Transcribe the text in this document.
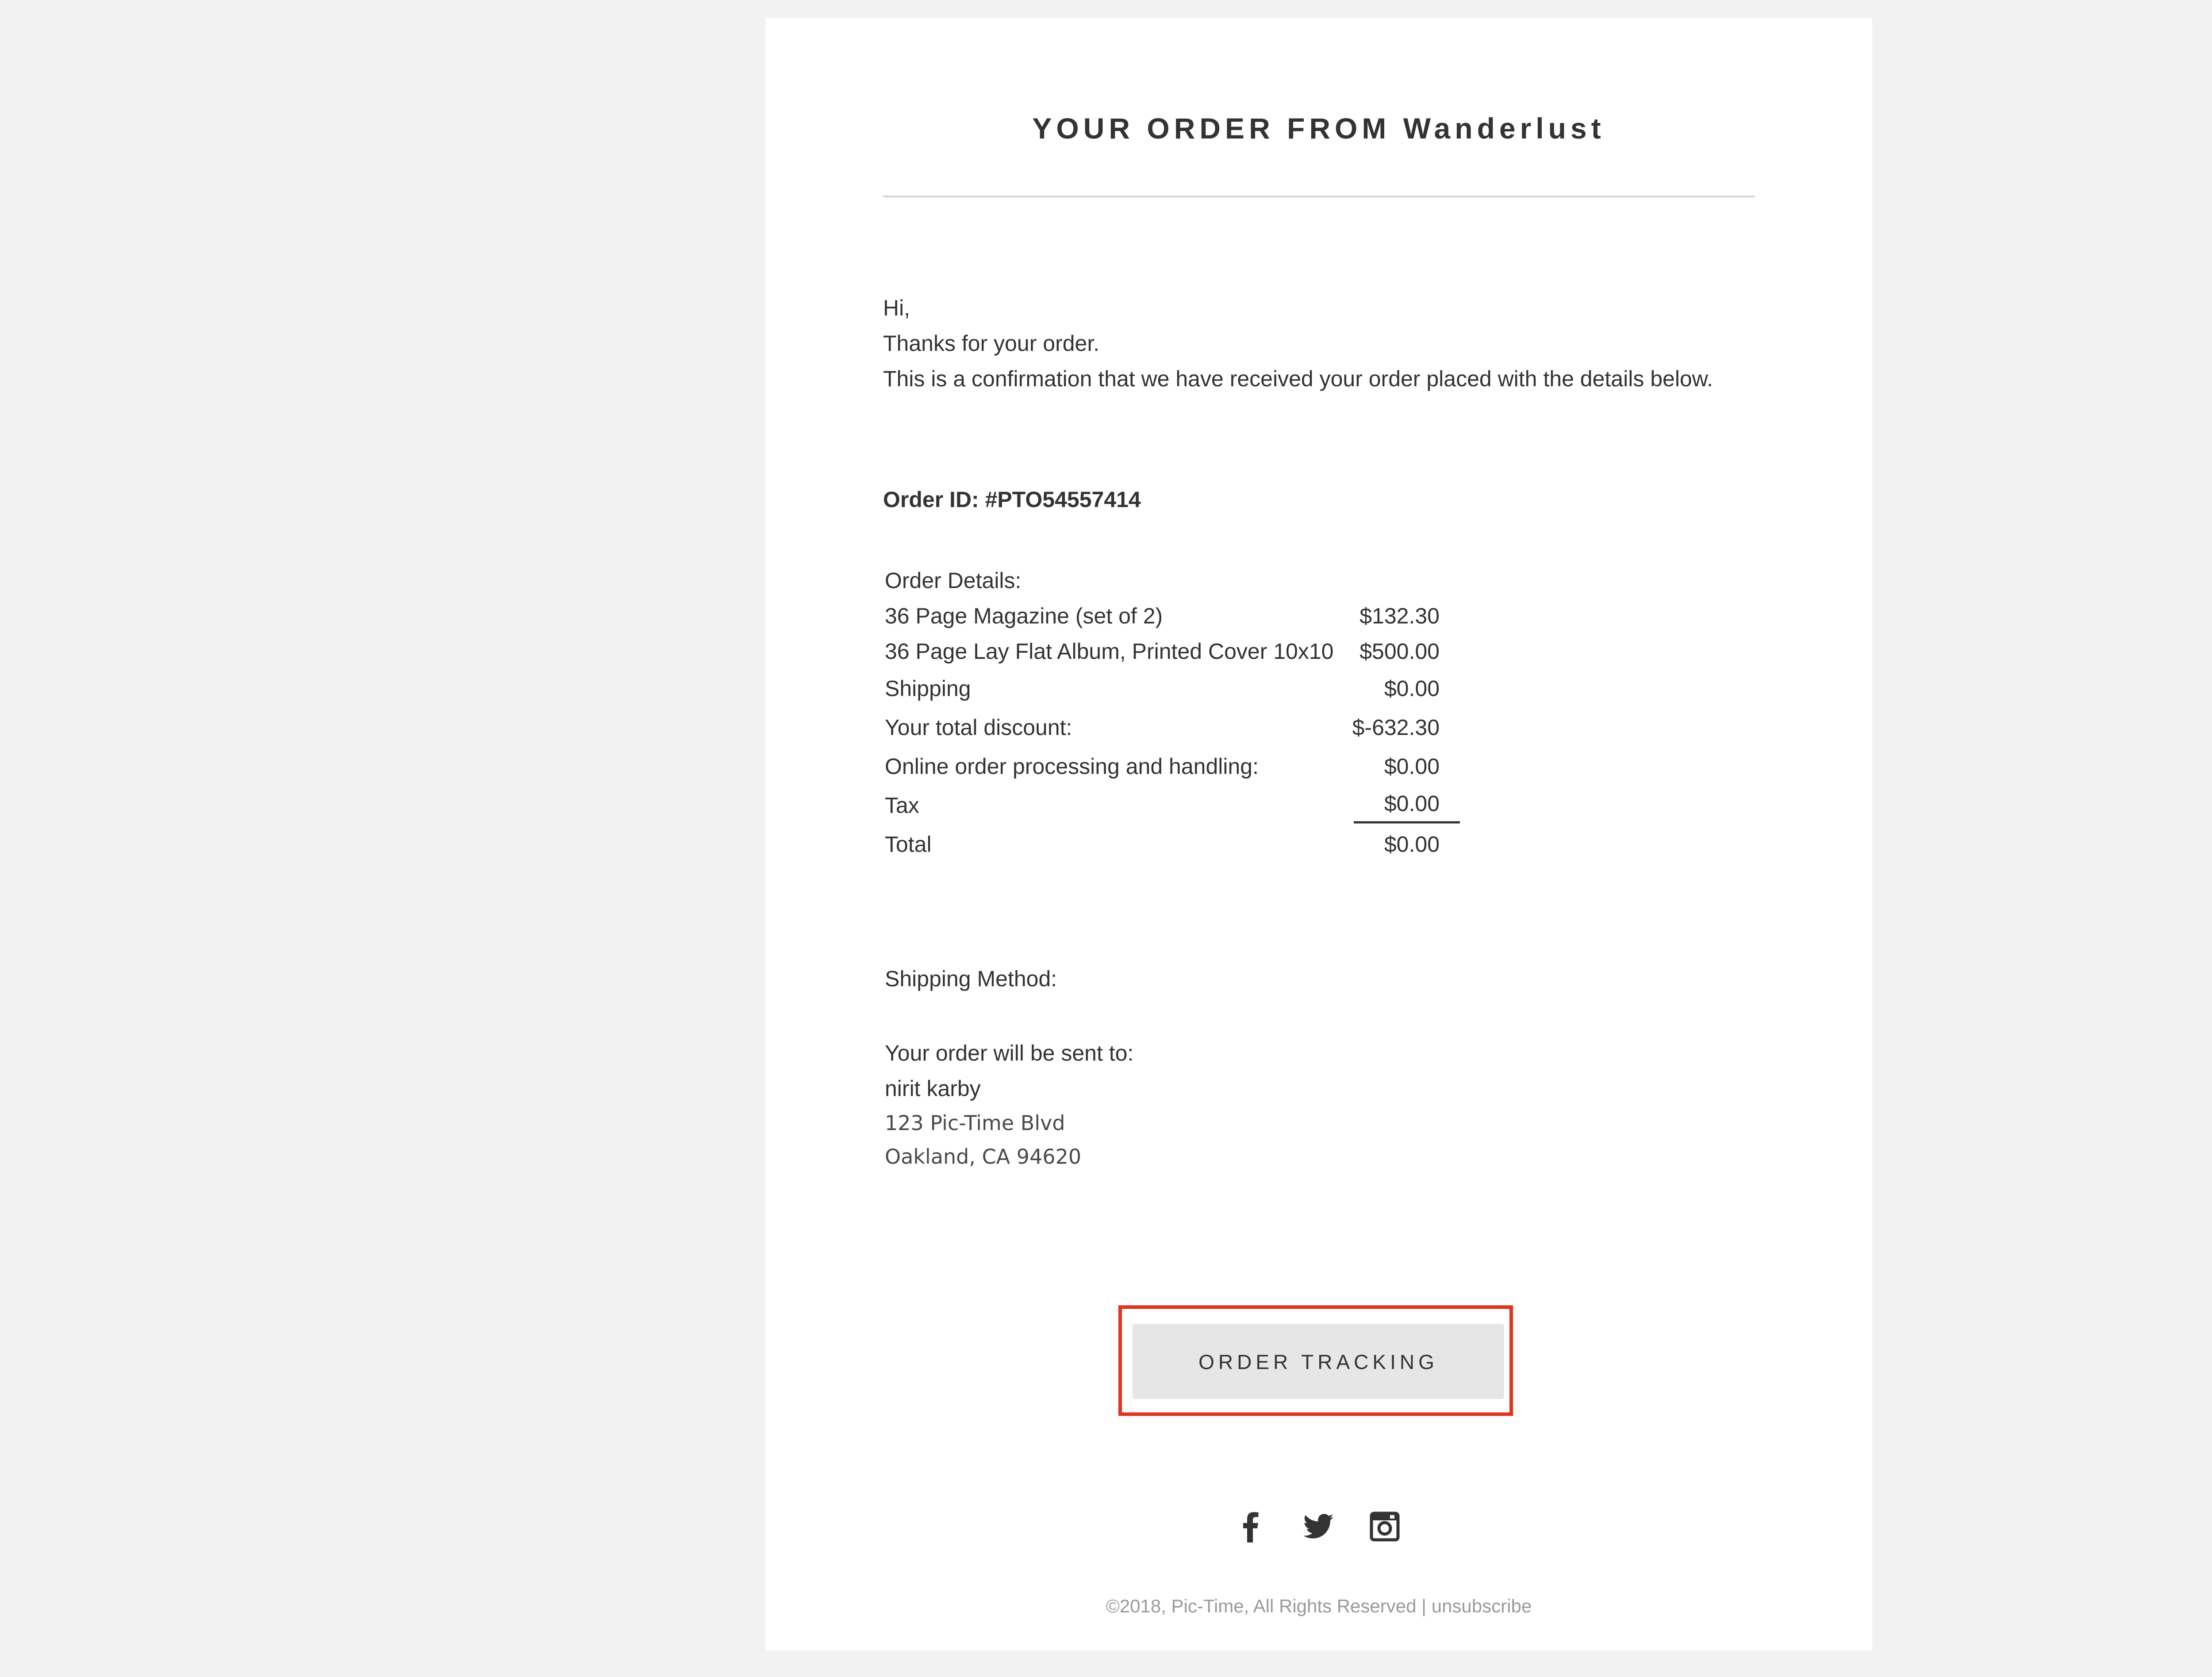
YOUR ORDER FROM Wanderlust
Hi,
Thanks for your order.
This is a confirmation that we have received your order placed with the details below.
Order ID: #PTO54557414
Order Details:
36 Page Magazine (set of 2)	$132.30
36 Page Lay Flat Album, Printed Cover 10x10 $500.00
Shipping	$0.00
Your total discount:	$-632.30
Online order processing and handling:	$0.00
Tax	$0.00
Total	$0.00
Shipping Method:
Your order will be sent to:
nirit karby
123 Pic-Time Blvd
Oakland, CA 94620
ORDER TRACKING
©2018, Pic-Time, All Rights Reserved | unsubscribe
